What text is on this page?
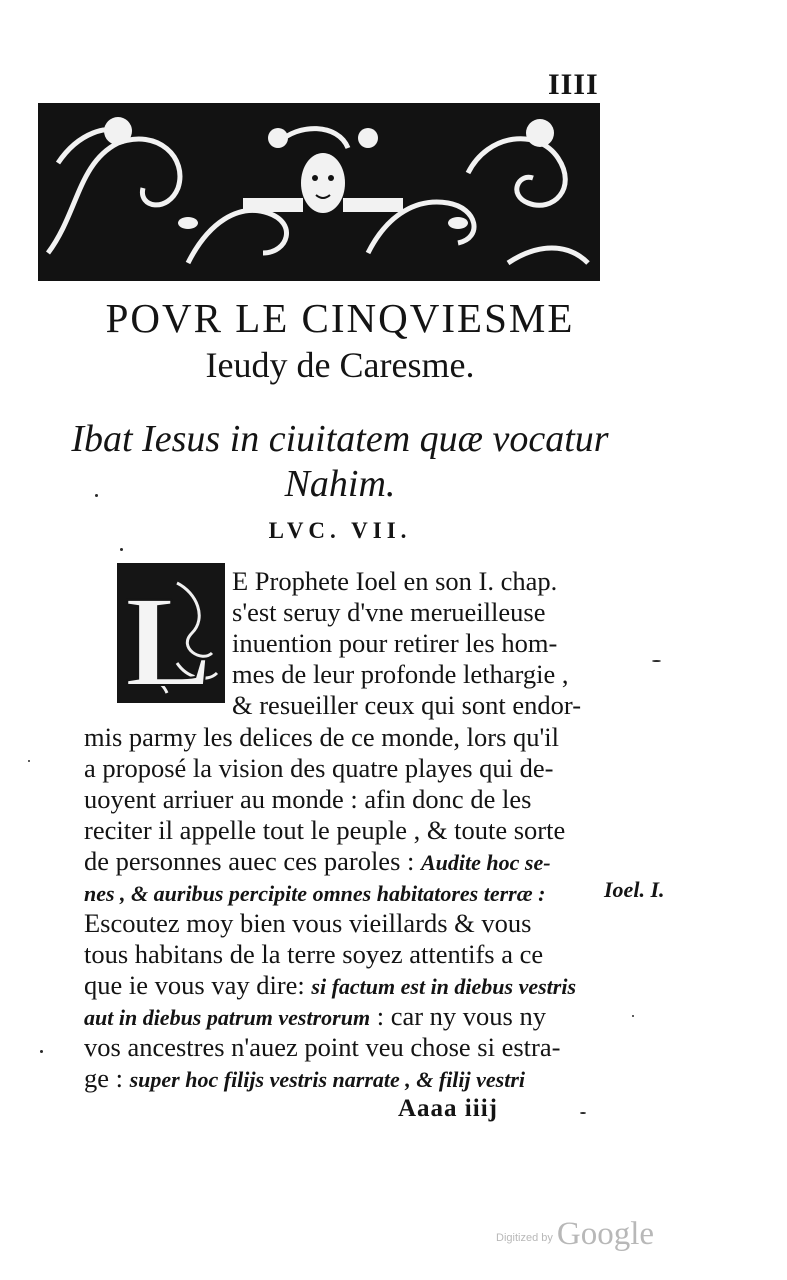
IIII
POVR LE CINQVIESME
Ieudy de Caresme.
Ibat Iesus in ciuitatem quæ vocatur
Nahim.
LVC. VII.
L E Prophete Ioel en son I. chap.
s'est seruy d'vne merueilleuse
inuention pour retirer les hom-
mes de leur profonde lethargie ,
& resueiller ceux qui sont endor-
mis parmy les delices de ce monde, lors qu'il
a proposé la vision des quatre playes qui de-
uoyent arriuer au monde : afin donc de les
reciter il appelle tout le peuple , & toute sorte
de personnes auec ces paroles : Audite hoc se-
nes , & auribus percipite omnes habitatores terræ :
Escoutez moy bien vous vieillards & vous
tous habitans de la terre soyez attentifs a ce
que ie vous vay dire: si factum est in diebus vestris
aut in diebus patrum vestrorum : car ny vous ny
vos ancestres n'auez point veu chose si estra-
ge : super hoc filijs vestris narrate , & filij vestri
Ioel. I.
Aaaa iiij
Digitized by Google
